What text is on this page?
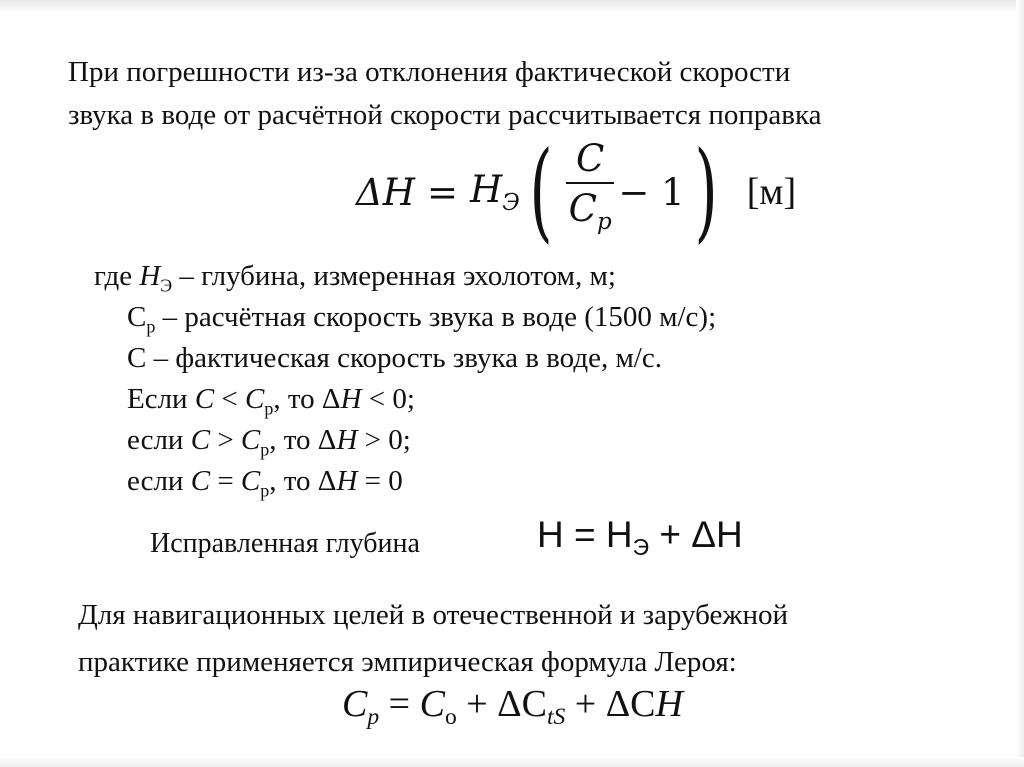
При погрешности из-за отклонения фактической скорости
звука в воде от расчётной скорости рассчитывается поправка
$\Delta H = H_Э$ ( $\frac{C}{C_p} - 1$ ) [м]
где $H_Э$ – глубина, измеренная эхолотом, м;
$C_р$ – расчётная скорость звука в воде (1500 м/с);
C – фактическая скорость звука в воде, м/с.
Если $C < C_р$, то ΔH < 0;
если $C > C_р$, то ΔH > 0;
если $C = C_р$, то ΔH = 0
Исправленная глубина	$H = H_Э + \Delta H$
Для навигационных целей в отечественной и зарубежной
практике применяется эмпирическая формула Лероя:
$C_p = C_o + \Delta C_{tS} + \Delta CH$
